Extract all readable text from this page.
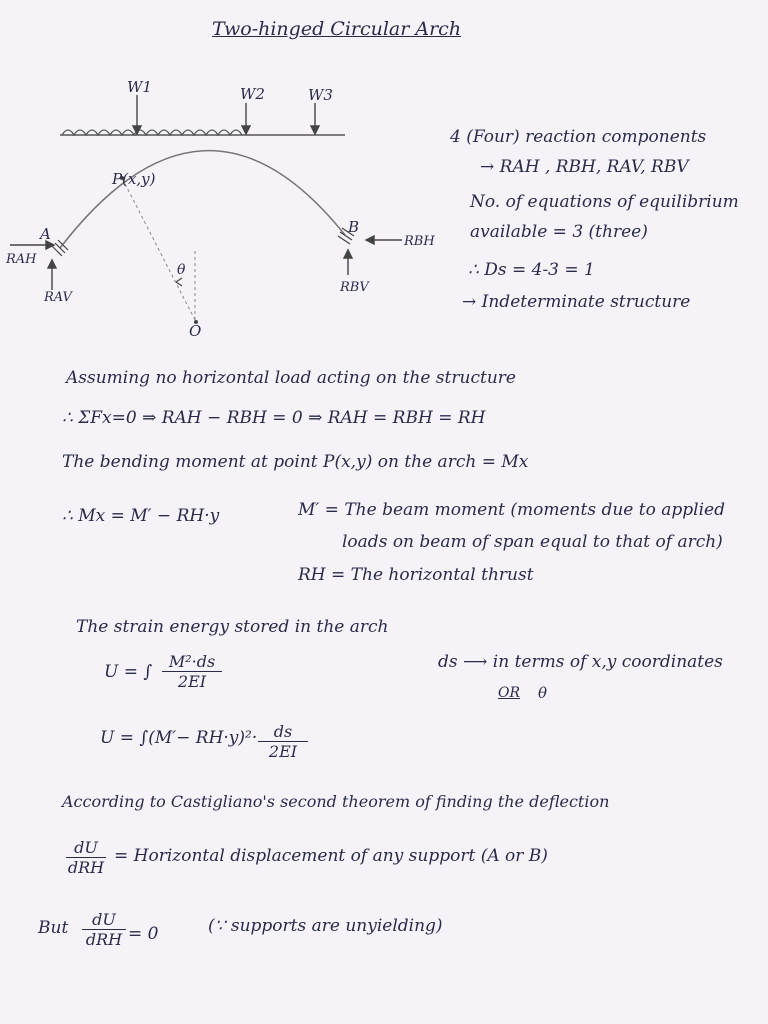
Two-hinged Circular Arch
W1	W2	W3
P(x,y)
A	B
RAH
RAV
RBH
RBV
θ
O
4 (Four) reaction components
→ RAH , RBH, RAV, RBV
No. of equations of equilibrium
available = 3 (three)
∴ Ds = 4-3 = 1
→ Indeterminate structure
Assuming no horizontal load acting on the structure
∴ ΣFx=0 ⇒ RAH − RBH = 0 ⇒ RAH = RBH = RH
The bending moment at point P(x,y) on the arch = Mx
∴ Mx = M′ − RH·y	M′ = The beam moment (moments due to applied
loads on beam of span equal to that of arch)
RH = The horizontal thrust
The strain energy stored in the arch
U = ∫ $\frac{\text{M²·ds}}{2EI}$	ds ⟶ in terms of x,y coordinates
OR θ
$U = \int(M'- RH\cdot y)^2\cdot \frac{ds}{2EI}$
According to Castigliano's second theorem of finding the deflection
dU
dRH
= Horizontal displacement of any support (A or B)
But	dU
dRH = 0	(∵ supports are unyielding)
